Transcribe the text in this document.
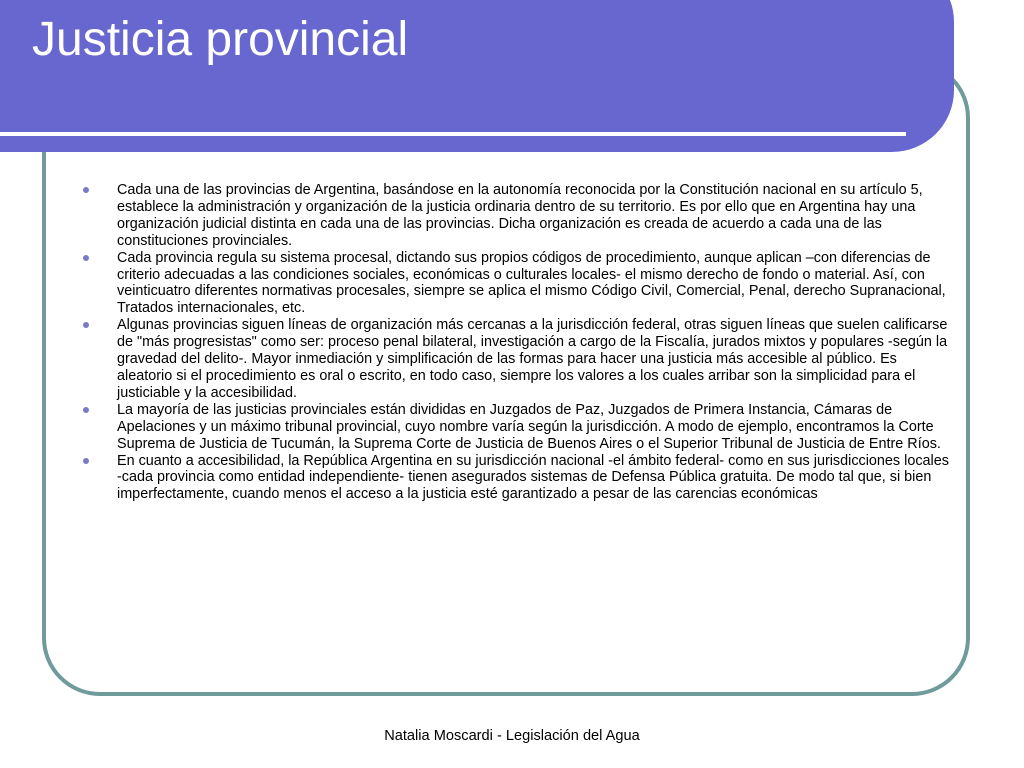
Justicia provincial
Cada una de las provincias de Argentina, basándose en la autonomía reconocida por la Constitución nacional en su artículo 5, establece la administración y organización de la justicia ordinaria dentro de su territorio. Es por ello que en Argentina hay una organización judicial distinta en cada una de las provincias. Dicha organización es creada de acuerdo a cada una de las constituciones provinciales.
Cada provincia regula su sistema procesal, dictando sus propios códigos de procedimiento, aunque aplican –con diferencias de criterio adecuadas a las condiciones sociales, económicas o culturales locales- el mismo derecho de fondo o material. Así, con veinticuatro diferentes normativas procesales, siempre se aplica el mismo Código Civil, Comercial, Penal, derecho Supranacional, Tratados internacionales, etc.
Algunas provincias siguen líneas de organización más cercanas a la jurisdicción federal, otras siguen líneas que suelen calificarse de "más progresistas" como ser: proceso penal bilateral, investigación a cargo de la Fiscalía, jurados mixtos y populares -según la gravedad del delito-. Mayor inmediación y simplificación de las formas para hacer una justicia más accesible al público. Es aleatorio si el procedimiento es oral o escrito, en todo caso, siempre los valores a los cuales arribar son la simplicidad para el justiciable y la accesibilidad.
La mayoría de las justicias provinciales están divididas en Juzgados de Paz, Juzgados de Primera Instancia, Cámaras de Apelaciones y un máximo tribunal provincial, cuyo nombre varía según la jurisdicción. A modo de ejemplo, encontramos la Corte Suprema de Justicia de Tucumán, la Suprema Corte de Justicia de Buenos Aires o el Superior Tribunal de Justicia de Entre Ríos.
En cuanto a accesibilidad, la República Argentina en su jurisdicción nacional -el ámbito federal- como en sus jurisdicciones locales -cada provincia como entidad independiente- tienen asegurados sistemas de Defensa Pública gratuita. De modo tal que, si bien imperfectamente, cuando menos el acceso a la justicia esté garantizado a pesar de las carencias económicas
Natalia Moscardi - Legislación del Agua
